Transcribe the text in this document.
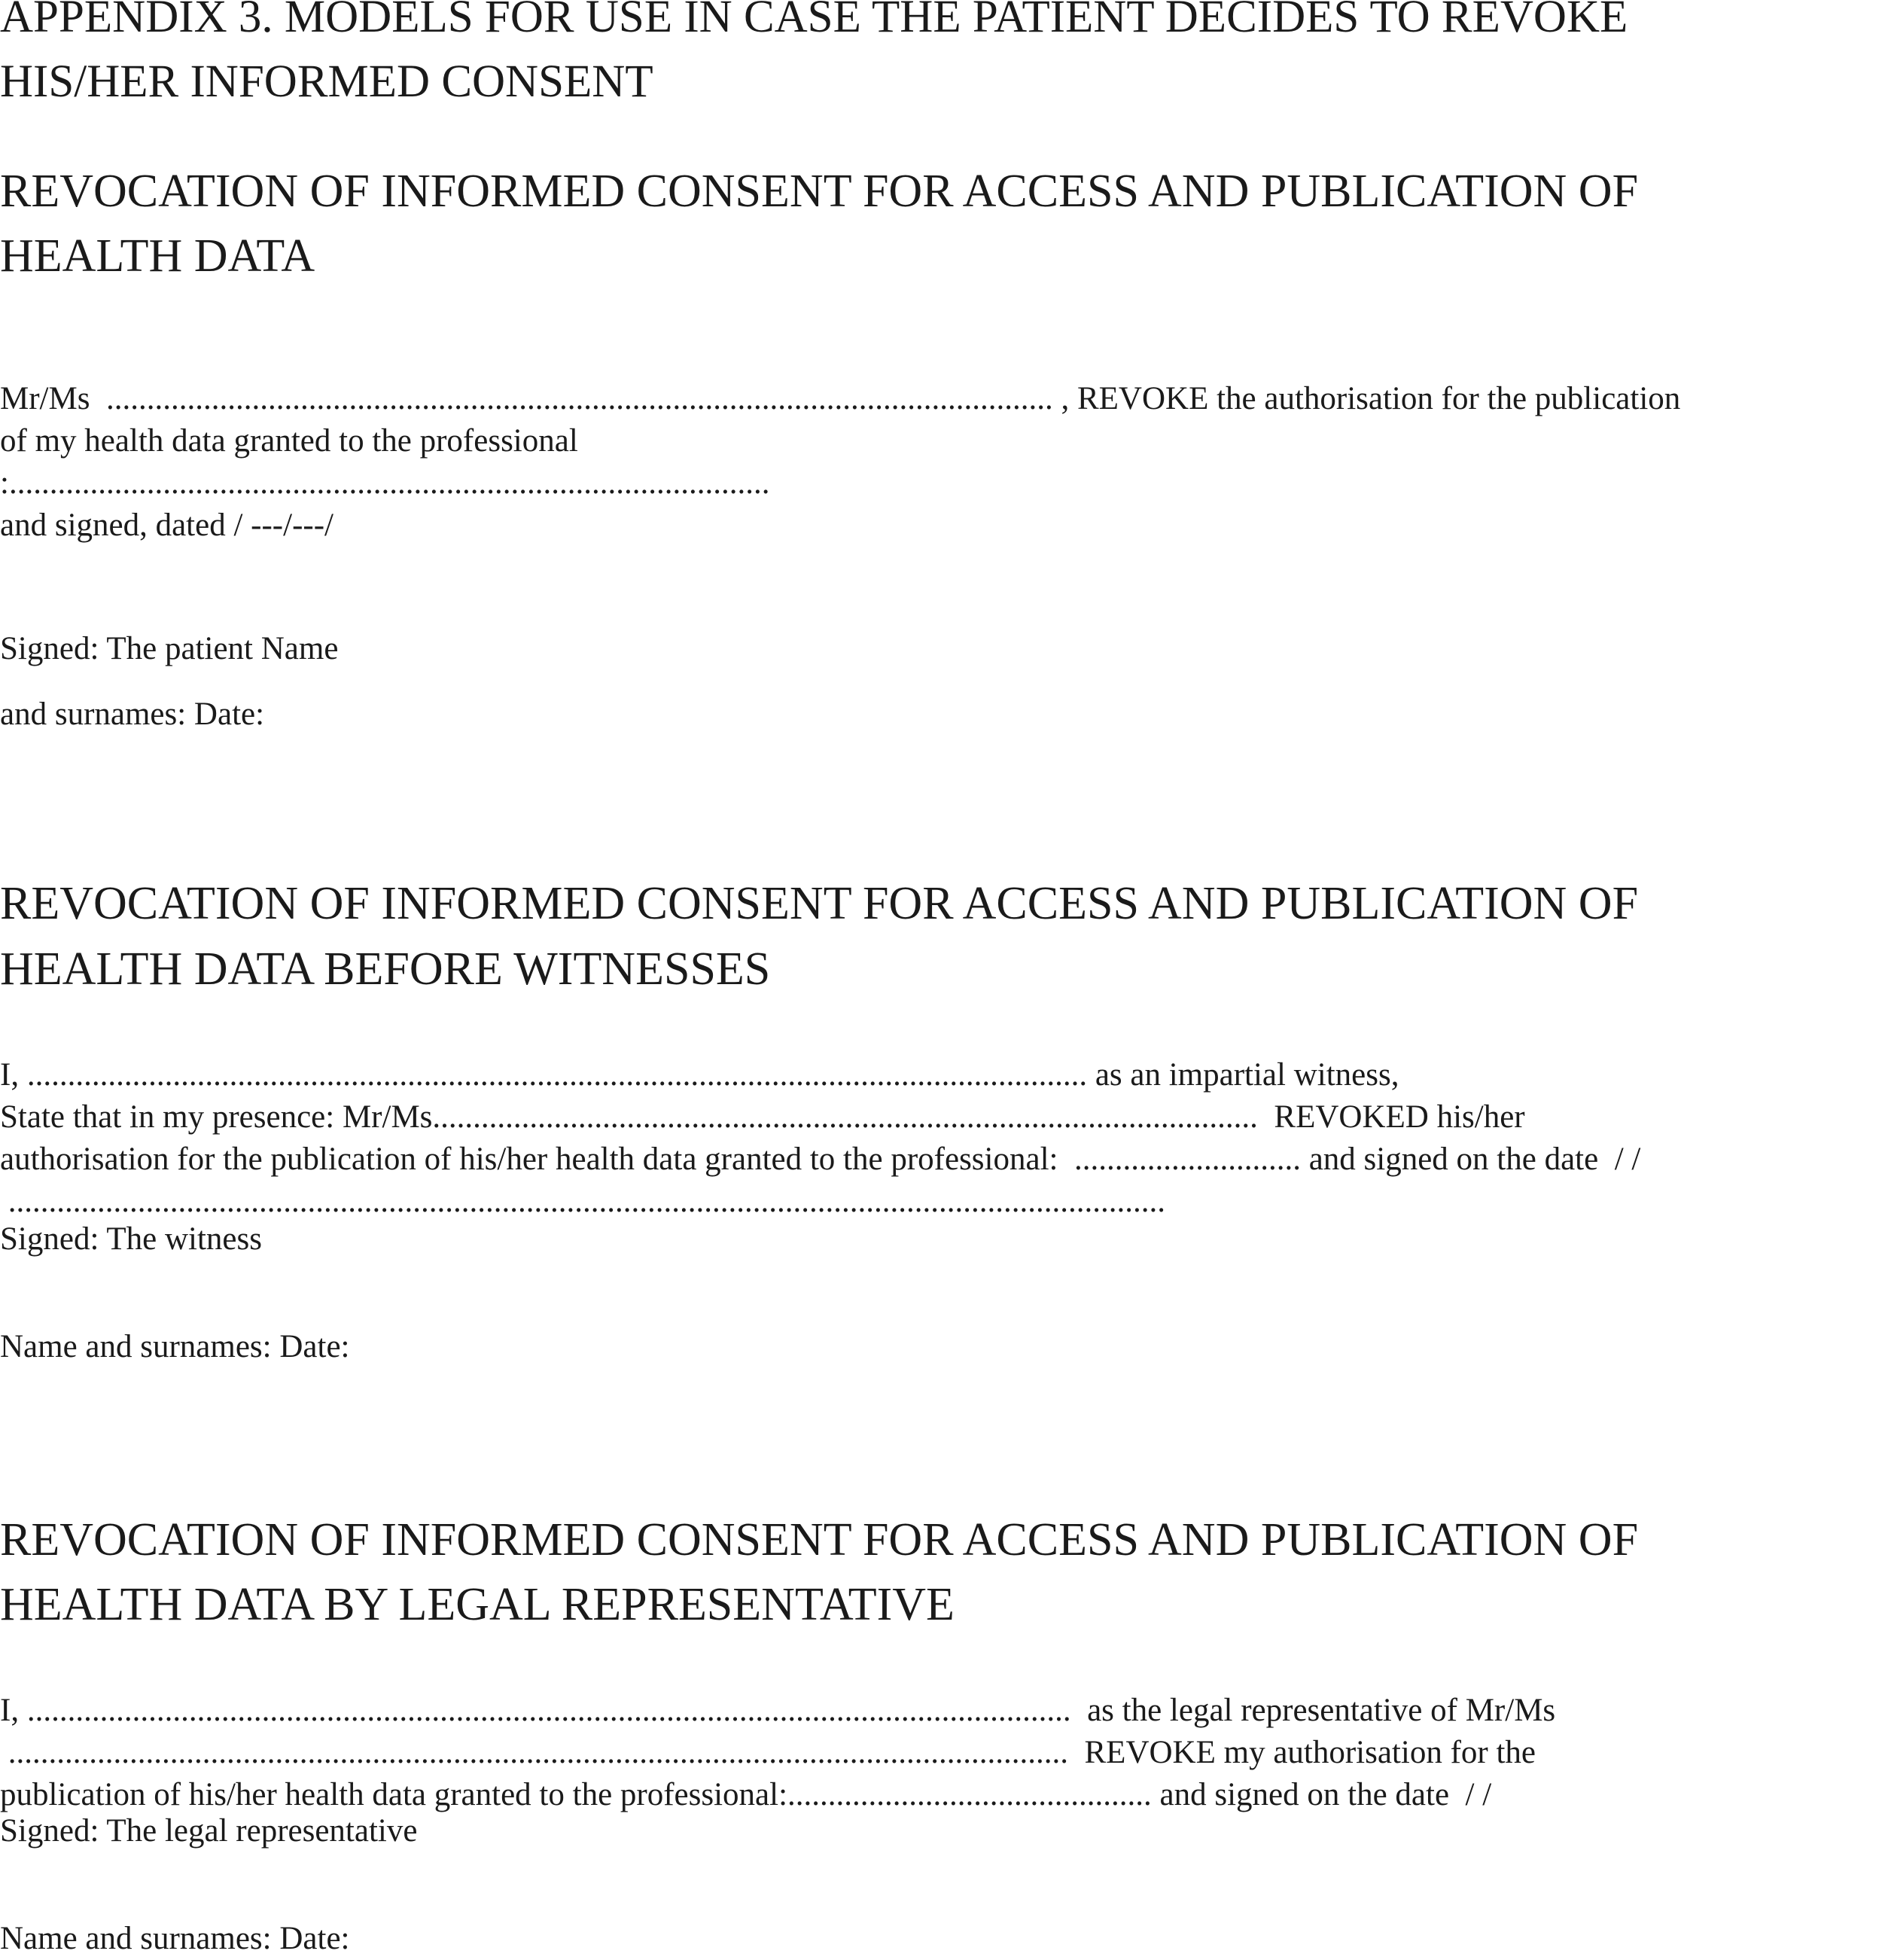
APPENDIX 3. MODELS FOR USE IN CASE THE PATIENT DECIDES TO REVOKE
HIS/HER INFORMED CONSENT
REVOCATION OF INFORMED CONSENT FOR ACCESS AND PUBLICATION OF
HEALTH DATA
Mr/Ms  ..................................................................................................................... , REVOKE the authorisation for the publication
of my health data granted to the professional
:..............................................................................................
and signed, dated / ---/---/
Signed: The patient Name
and surnames: Date:
REVOCATION OF INFORMED CONSENT FOR ACCESS AND PUBLICATION OF
HEALTH DATA BEFORE WITNESSES
I, ................................................................................................................................... as an impartial witness,
State that in my presence: Mr/Ms......................................................................................................  REVOKED his/her
authorisation for the publication of his/her health data granted to the professional:  ............................ and signed on the date  / /
...............................................................................................................................................
Signed: The witness
Name and surnames: Date:
REVOCATION OF INFORMED CONSENT FOR ACCESS AND PUBLICATION OF
HEALTH DATA BY LEGAL REPRESENTATIVE
I, .................................................................................................................................  as the legal representative of Mr/Ms
...................................................................................................................................  REVOKE my authorisation for the
publication of his/her health data granted to the professional:............................................. and signed on the date  / /
Signed: The legal representative
Name and surnames: Date:
